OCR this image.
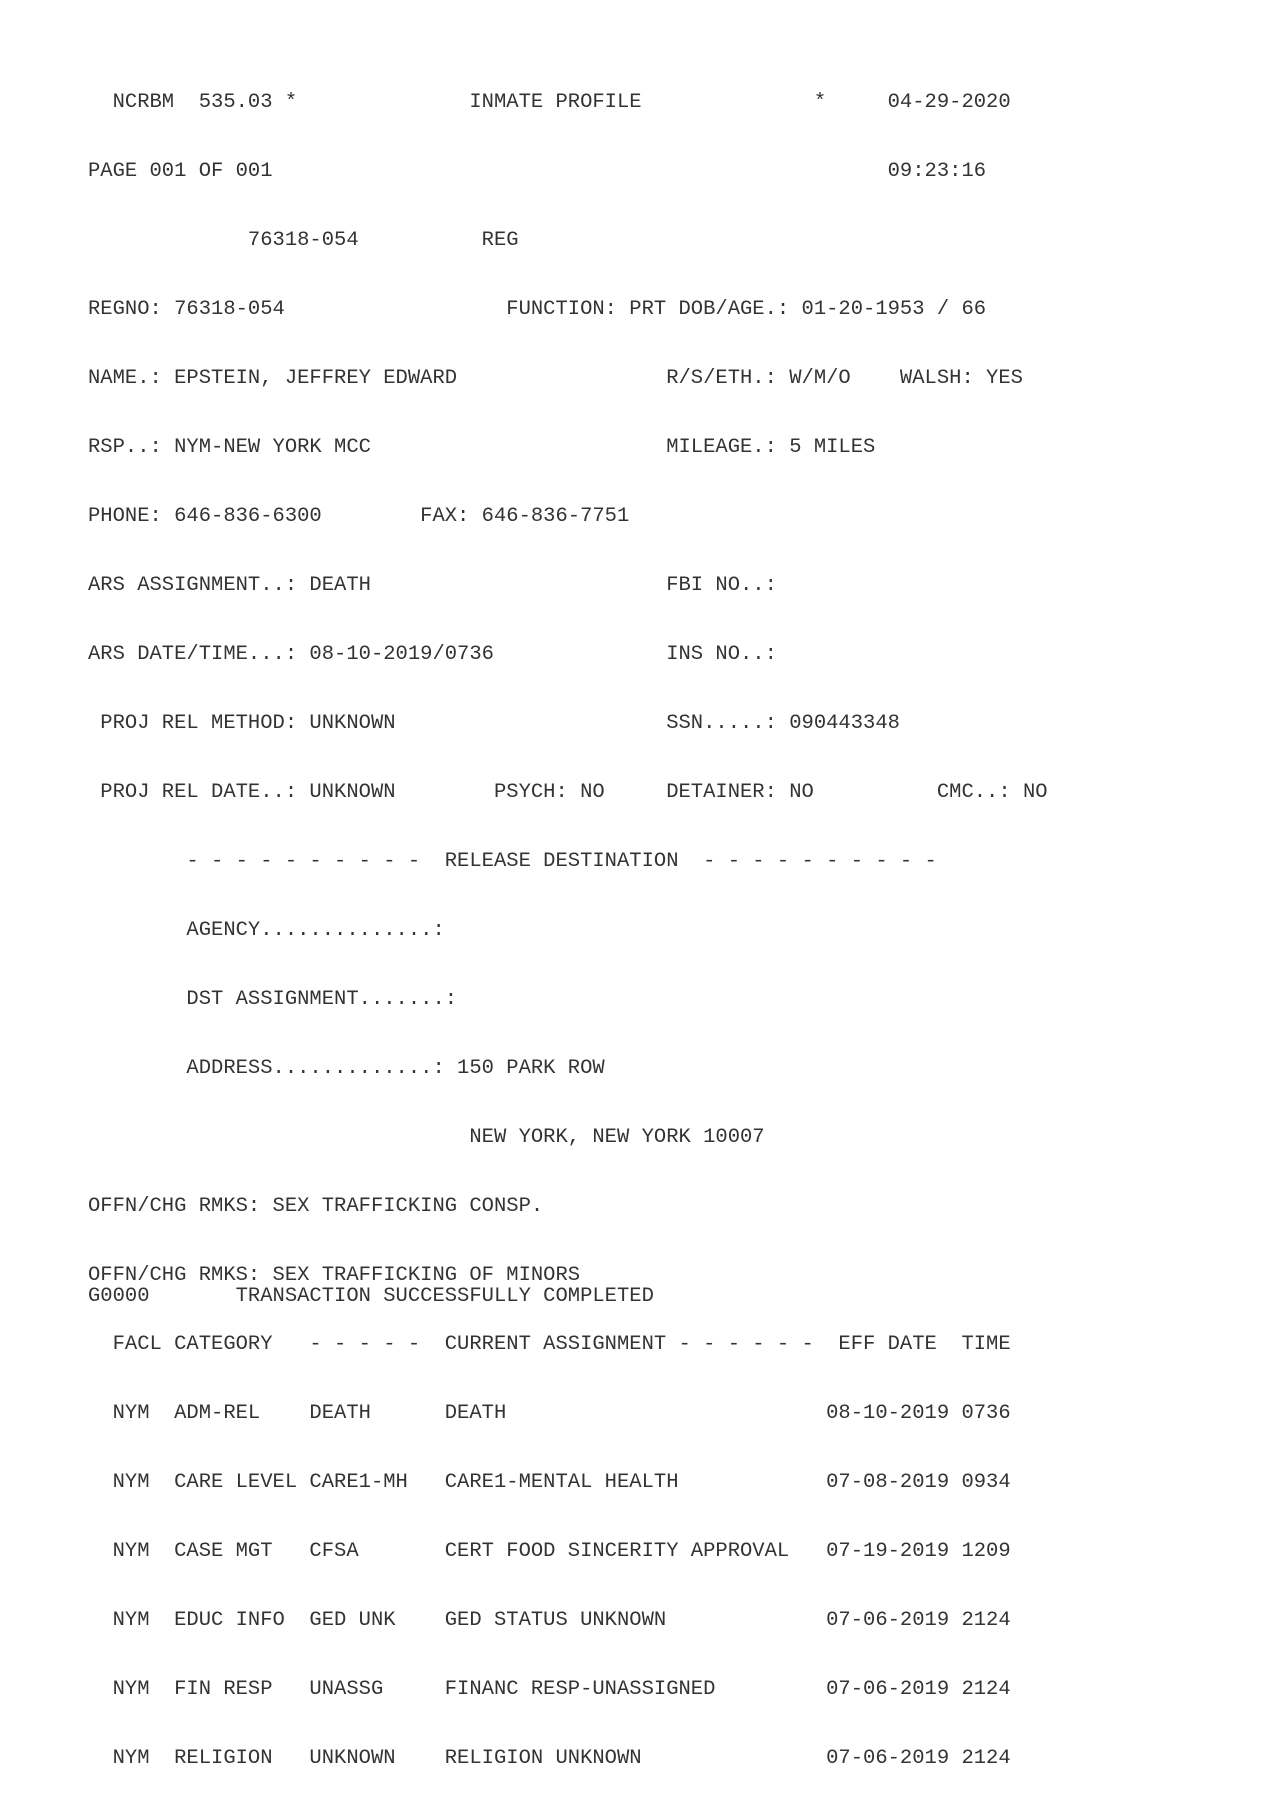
NCRBM  535.03 *              INMATE PROFILE              *     04-29-2020

PAGE 001 OF 001                                                  09:23:16

76318-054          REG

REGNO: 76318-054                  FUNCTION: PRT DOB/AGE.: 01-20-1953 / 66

NAME.: EPSTEIN, JEFFREY EDWARD                 R/S/ETH.: W/M/O    WALSH: YES

RSP..: NYM-NEW YORK MCC                        MILEAGE.: 5 MILES

PHONE: 646-836-6300        FAX: 646-836-7751

ARS ASSIGNMENT..: DEATH                        FBI NO..:

ARS DATE/TIME...: 08-10-2019/0736              INS NO..:

PROJ REL METHOD: UNKNOWN                      SSN.....: 090443348

PROJ REL DATE..: UNKNOWN        PSYCH: NO     DETAINER: NO          CMC..: NO

- - - - - - - - - -  RELEASE DESTINATION  - - - - - - - - - -

AGENCY..............:

DST ASSIGNMENT.......:

ADDRESS.............: 150 PARK ROW

NEW YORK, NEW YORK 10007

OFFN/CHG RMKS: SEX TRAFFICKING CONSP.

OFFN/CHG RMKS: SEX TRAFFICKING OF MINORS

FACL CATEGORY   - - - - -  CURRENT ASSIGNMENT - - - - - -  EFF DATE  TIME

NYM  ADM-REL    DEATH      DEATH                          08-10-2019 0736

NYM  CARE LEVEL CARE1-MH   CARE1-MENTAL HEALTH            07-08-2019 0934

NYM  CASE MGT   CFSA       CERT FOOD SINCERITY APPROVAL   07-19-2019 1209

NYM  EDUC INFO  GED UNK    GED STATUS UNKNOWN             07-06-2019 2124

NYM  FIN RESP   UNASSG     FINANC RESP-UNASSIGNED         07-06-2019 2124

NYM  RELIGION   UNKNOWN    RELIGION UNKNOWN               07-06-2019 2124

G0000       TRANSACTION SUCCESSFULLY COMPLETED
